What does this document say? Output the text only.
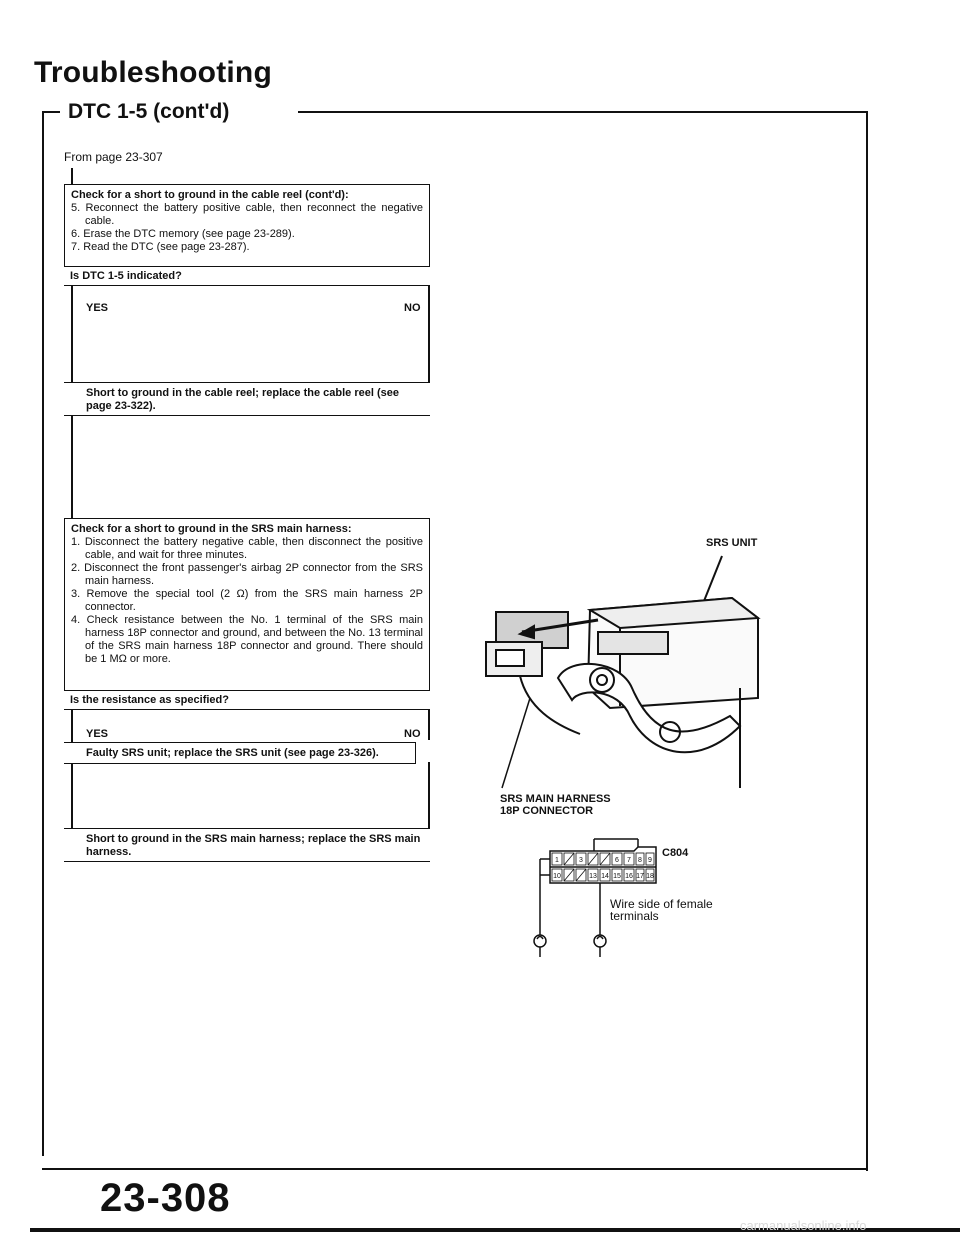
Troubleshooting
DTC 1-5 (cont'd)
From page 23-307
Check for a short to ground in the cable reel (cont'd):
5. Reconnect the battery positive cable, then reconnect the negative cable.
6. Erase the DTC memory (see page 23-289).
7. Read the DTC (see page 23-287).
Is DTC 1-5 indicated?
YES	NO
Short to ground in the cable reel; replace the cable reel (see page 23-322).
Check for a short to ground in the SRS main harness:
1. Disconnect the battery negative cable, then disconnect the positive cable, and wait for three minutes.
2. Disconnect the front passenger's airbag 2P connector from the SRS main harness.
3. Remove the special tool (2 Ω) from the SRS main harness 2P connector.
4. Check resistance between the No. 1 terminal of the SRS main harness 18P connector and ground, and between the No. 13 terminal of the SRS main harness 18P connector and ground. There should be 1 MΩ or more.
Is the resistance as specified?
YES	NO
Faulty SRS unit; replace the SRS unit (see page 23-326).
Short to ground in the SRS main harness; replace the SRS main harness.
SRS UNIT
SRS MAIN HARNESS
18P CONNECTOR
1	3	6 7 8 9
10	13 14 15 16 17 18
C804
Wire side of female
terminals
23-308
carmanualsonline.info
